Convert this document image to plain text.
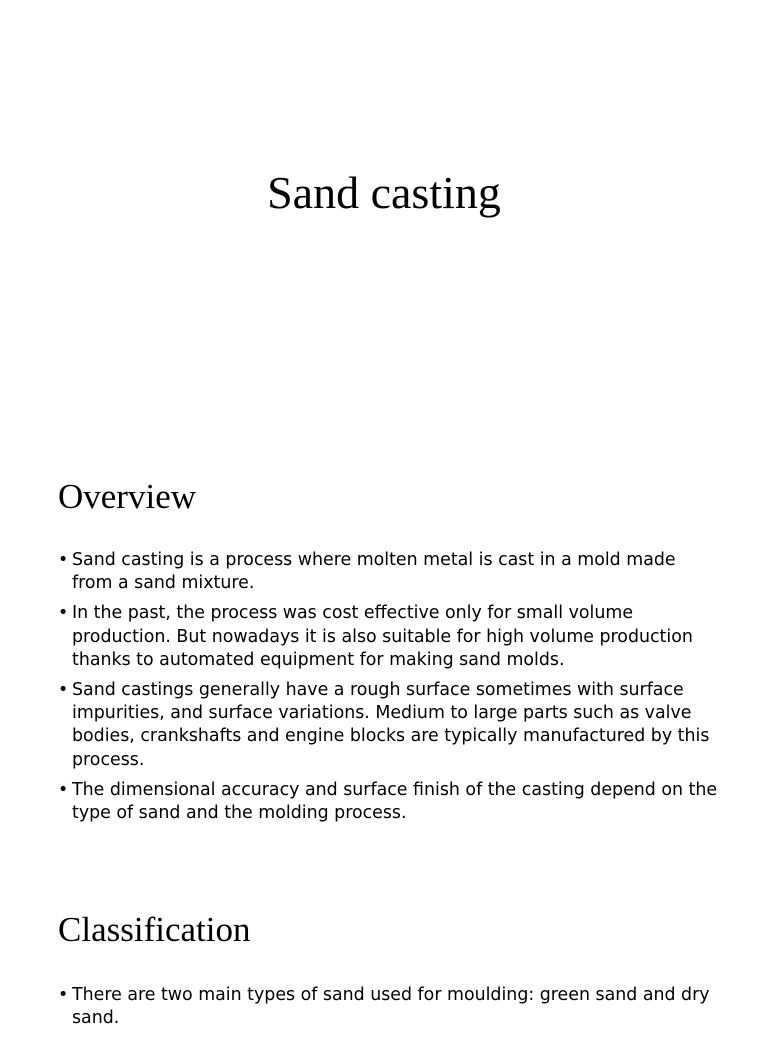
Sand casting
Overview
• Sand casting is a process where molten metal is cast in a mold made from a sand mixture.
• In the past, the process was cost effective only for small volume production. But nowadays it is also suitable for high volume production thanks to automated equipment for making sand molds.
• Sand castings generally have a rough surface sometimes with surface impurities, and surface variations. Medium to large parts such as valve bodies, crankshafts and engine blocks are typically manufactured by this process.
• The dimensional accuracy and surface finish of the casting depend on the type of sand and the molding process.
Classification
• There are two main types of sand used for moulding: green sand and dry sand.
